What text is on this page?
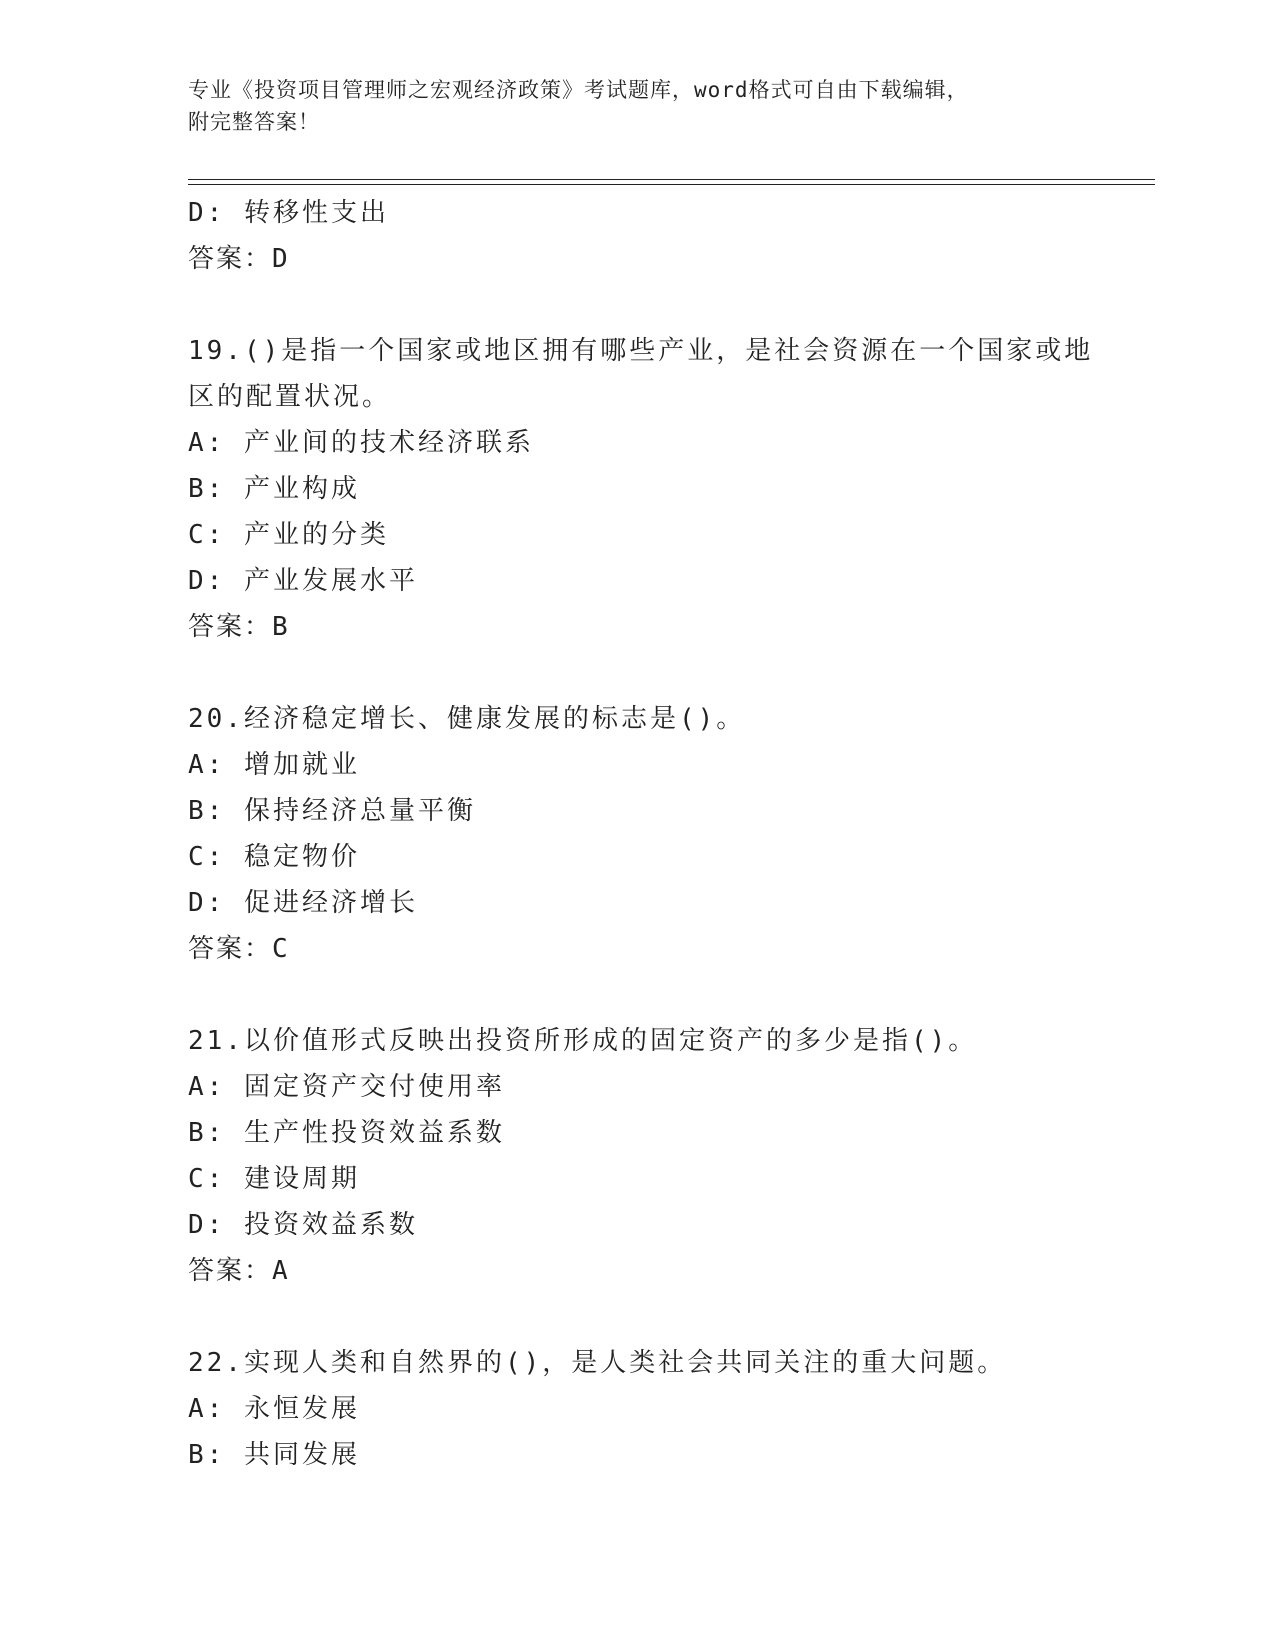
专业《投资项目管理师之宏观经济政策》考试题库，word格式可自由下载编辑，
附完整答案！
D: 转移性支出
答案：D
19.()是指一个国家或地区拥有哪些产业，是社会资源在一个国家或地
区的配置状况。
A: 产业间的技术经济联系
B: 产业构成
C: 产业的分类
D: 产业发展水平
答案：B
20.经济稳定增长、健康发展的标志是()。
A: 增加就业
B: 保持经济总量平衡
C: 稳定物价
D: 促进经济增长
答案：C
21.以价值形式反映出投资所形成的固定资产的多少是指()。
A: 固定资产交付使用率
B: 生产性投资效益系数
C: 建设周期
D: 投资效益系数
答案：A
22.实现人类和自然界的()，是人类社会共同关注的重大问题。
A: 永恒发展
B: 共同发展
